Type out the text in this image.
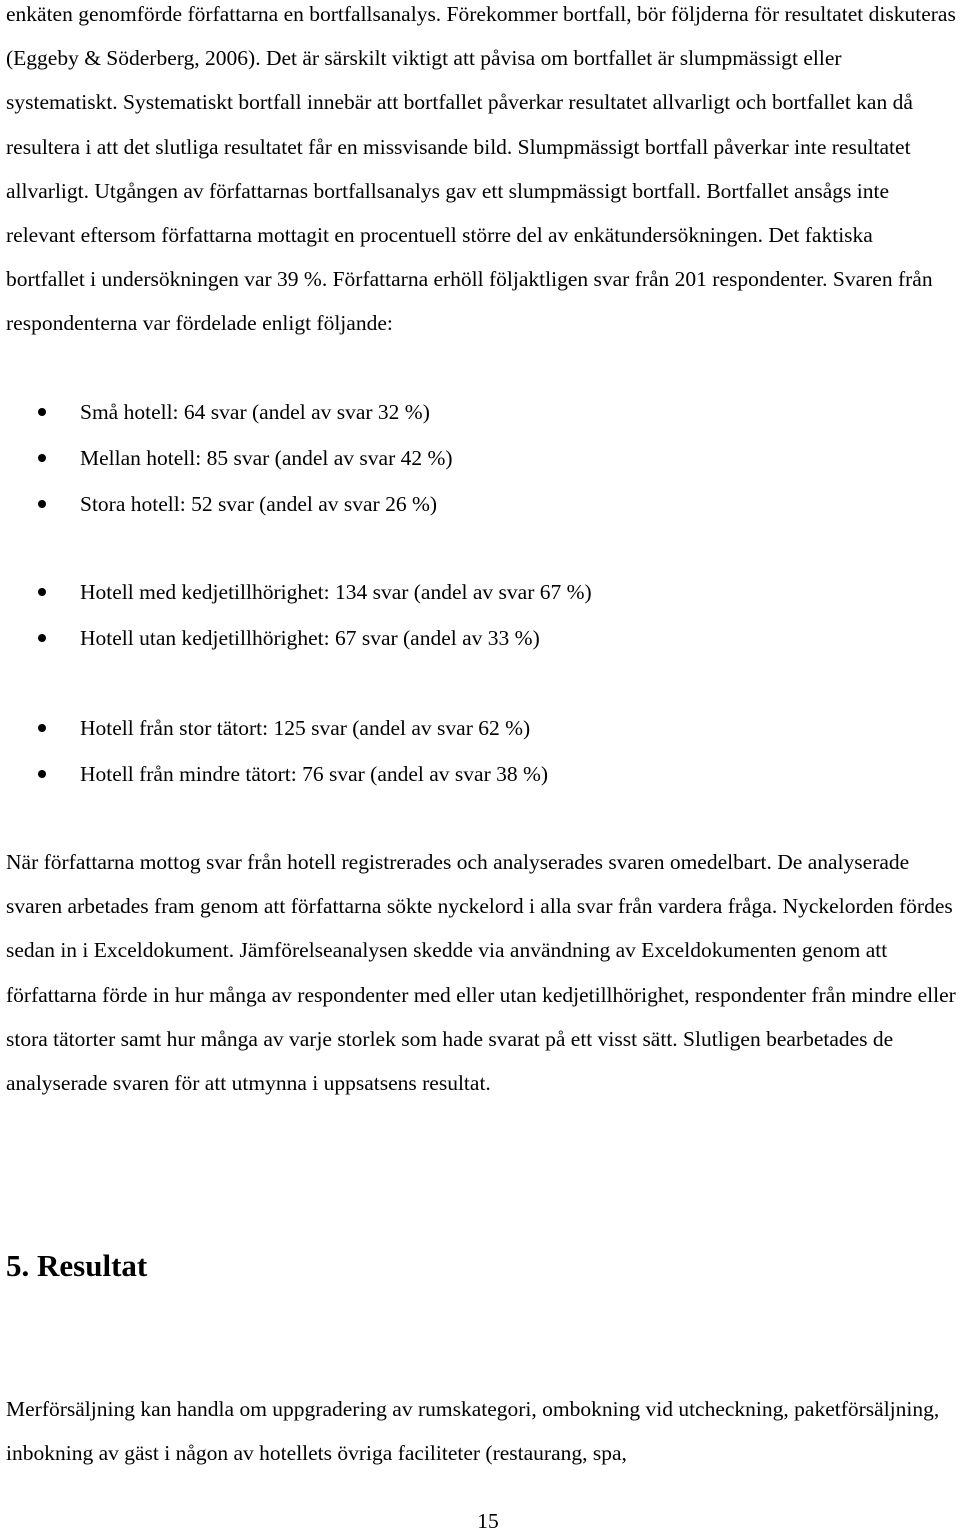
enkäten genomförde författarna en bortfallsanalys. Förekommer bortfall, bör följderna för resultatet diskuteras (Eggeby & Söderberg, 2006). Det är särskilt viktigt att påvisa om bortfallet är slumpmässigt eller systematiskt. Systematiskt bortfall innebär att bortfallet påverkar resultatet allvarligt och bortfallet kan då resultera i att det slutliga resultatet får en missvisande bild. Slumpmässigt bortfall påverkar inte resultatet allvarligt. Utgången av författarnas bortfallsanalys gav ett slumpmässigt bortfall. Bortfallet ansågs inte relevant eftersom författarna mottagit en procentuell större del av enkätundersökningen. Det faktiska bortfallet i undersökningen var 39 %. Författarna erhöll följaktligen svar från 201 respondenter. Svaren från respondenterna var fördelade enligt följande:

Små hotell: 64 svar (andel av svar 32 %)
Mellan hotell: 85 svar (andel av svar 42 %)
Stora hotell: 52 svar (andel av svar 26 %)
Hotell med kedjetillhörighet: 134 svar (andel av svar 67 %)
Hotell utan kedjetillhörighet: 67 svar (andel av 33 %)
Hotell från stor tätort: 125 svar (andel av svar 62 %)
Hotell från mindre tätort: 76 svar (andel av svar 38 %)

När författarna mottog svar från hotell registrerades och analyserades svaren omedelbart. De analyserade svaren arbetades fram genom att författarna sökte nyckelord i alla svar från vardera fråga. Nyckelorden fördes sedan in i Exceldokument. Jämförelseanalysen skedde via användning av Exceldokumenten genom att författarna förde in hur många av respondenter med eller utan kedjetillhörighet, respondenter från mindre eller stora tätorter samt hur många av varje storlek som hade svarat på ett visst sätt. Slutligen bearbetades de analyserade svaren för att utmynna i uppsatsens resultat.

5. Resultat

Merförsäljning kan handla om uppgradering av rumskategori, ombokning vid utcheckning, paketförsäljning, inbokning av gäst i någon av hotellets övriga faciliteter (restaurang, spa,

15
